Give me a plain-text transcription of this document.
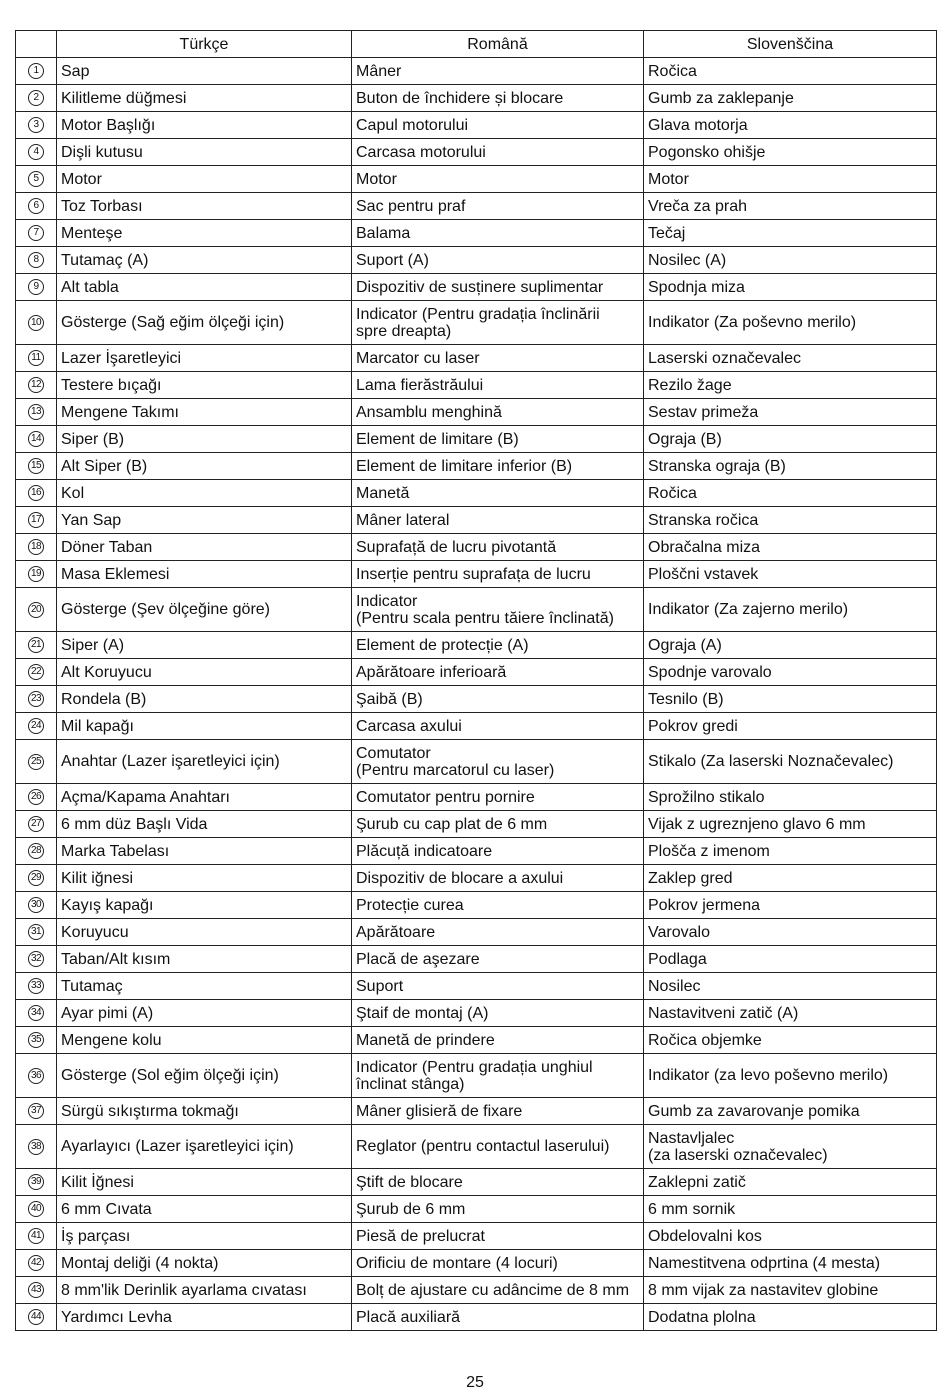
	Türkçe	Română	Slovenščina
1	Sap	Mâner	Ročica
2	Kilitleme düğmesi	Buton de închidere și blocare	Gumb za zaklepanje
3	Motor Başlığı	Capul motorului	Glava motorja
4	Dişli kutusu	Carcasa motorului	Pogonsko ohišje
5	Motor	Motor	Motor
6	Toz Torbası	Sac pentru praf	Vreča za prah
7	Menteşe	Balama	Tečaj
8	Tutamaç (A)	Suport (A)	Nosilec (A)
9	Alt tabla	Dispozitiv de susținere suplimentar	Spodnja miza
10	Gösterge (Sağ eğim ölçeği için)	Indicator (Pentru gradația înclinării
spre dreapta)	Indikator (Za poševno merilo)
11	Lazer İşaretleyici	Marcator cu laser	Laserski označevalec
12	Testere bıçağı	Lama fierăstrăului	Rezilo žage
13	Mengene Takımı	Ansamblu menghină	Sestav primeža
14	Siper (B)	Element de limitare (B)	Ograja (B)
15	Alt Siper (B)	Element de limitare inferior (B)	Stranska ograja (B)
16	Kol	Manetă	Ročica
17	Yan Sap	Mâner lateral	Stranska ročica
18	Döner Taban	Suprafață de lucru pivotantă	Obračalna miza
19	Masa Eklemesi	Inserție pentru suprafața de lucru	Ploščni vstavek
20	Gösterge (Şev ölçeğine göre)	Indicator
(Pentru scala pentru tăiere înclinată)	Indikator (Za zajerno merilo)
21	Siper (A)	Element de protecție (A)	Ograja (A)
22	Alt Koruyucu	Apărătoare inferioară	Spodnje varovalo
23	Rondela (B)	Şaibă (B)	Tesnilo (B)
24	Mil kapağı	Carcasa axului	Pokrov gredi
25	Anahtar (Lazer işaretleyici için)	Comutator
(Pentru marcatorul cu laser)	Stikalo (Za laserski Noznačevalec)
26	Açma/Kapama Anahtarı	Comutator pentru pornire	Sprožilno stikalo
27	6 mm düz Başlı Vida	Şurub cu cap plat de 6 mm	Vijak z ugreznjeno glavo 6 mm
28	Marka Tabelası	Plăcuță indicatoare	Plošča z imenom
29	Kilit iğnesi	Dispozitiv de blocare a axului	Zaklep gred
30	Kayış kapağı	Protecție curea	Pokrov jermena
31	Koruyucu	Apărătoare	Varovalo
32	Taban/Alt kısım	Placă de aşezare	Podlaga
33	Tutamaç	Suport	Nosilec
34	Ayar pimi (A)	Ştaif de montaj (A)	Nastavitveni zatič (A)
35	Mengene kolu	Manetă de prindere	Ročica objemke
36	Gösterge (Sol eğim ölçeği için)	Indicator (Pentru gradația unghiul
înclinat stânga)	Indikator (za levo poševno merilo)
37	Sürgü sıkıştırma tokmağı	Mâner glisieră de fixare	Gumb za zavarovanje pomika
38	Ayarlayıcı (Lazer işaretleyici için)	Reglator (pentru contactul laserului)	Nastavljalec
(za laserski označevalec)
39	Kilit İğnesi	Ştift de blocare	Zaklepni zatič
40	6 mm Cıvata	Şurub de 6 mm	6 mm sornik
41	İş parçası	Piesă de prelucrat	Obdelovalni kos
42	Montaj deliği (4 nokta)	Orificiu de montare (4 locuri)	Namestitvena odprtina (4 mesta)
43	8 mm'lik Derinlik ayarlama cıvatası	Bolț de ajustare cu adâncime de 8 mm	8 mm vijak za nastavitev globine
44	Yardımcı Levha	Placă auxiliară	Dodatna plolna
25
